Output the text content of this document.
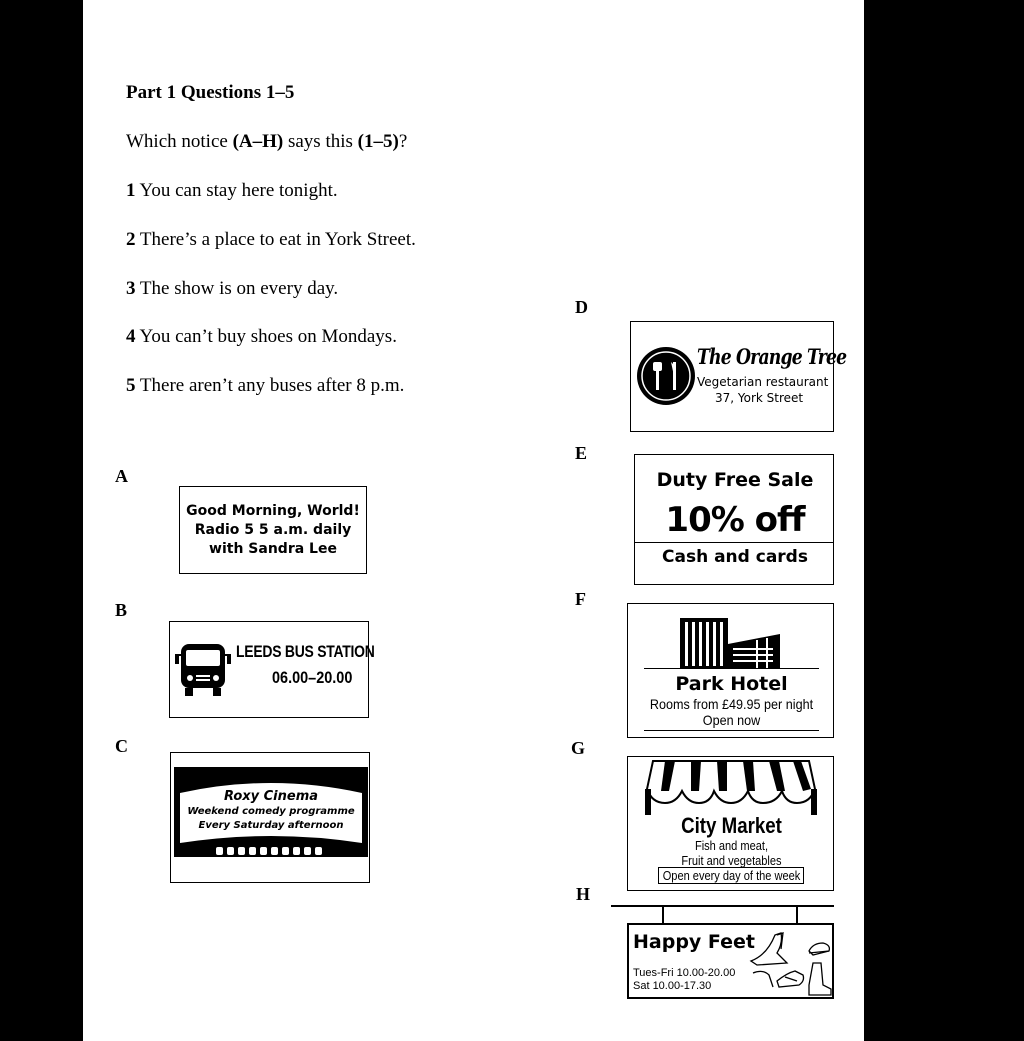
Part 1 Questions 1–5
Which notice (A–H) says this (1–5)?
1 You can stay here tonight.
2 There’s a place to eat in York Street.
3 The show is on every day.
4 You can’t buy shoes on Mondays.
5 There aren’t any buses after 8 p.m.
A
B
C
D
E
F
G
H
Good Morning, World!
Radio 5 5 a.m. daily
with Sandra Lee
LEEDS BUS STATION
06.00–20.00
Roxy Cinema
Weekend comedy programme
Every Saturday afternoon
The Orange Tree
Vegetarian restaurant
37, York Street
Duty Free Sale
10% off
Cash and cards
Park Hotel
Rooms from £49.95 per night
Open now
City Market
Fish and meat,
Fruit and vegetables
Open every day of the week
Happy Feet
Tues-Fri 10.00-20.00
Sat 10.00-17.30
